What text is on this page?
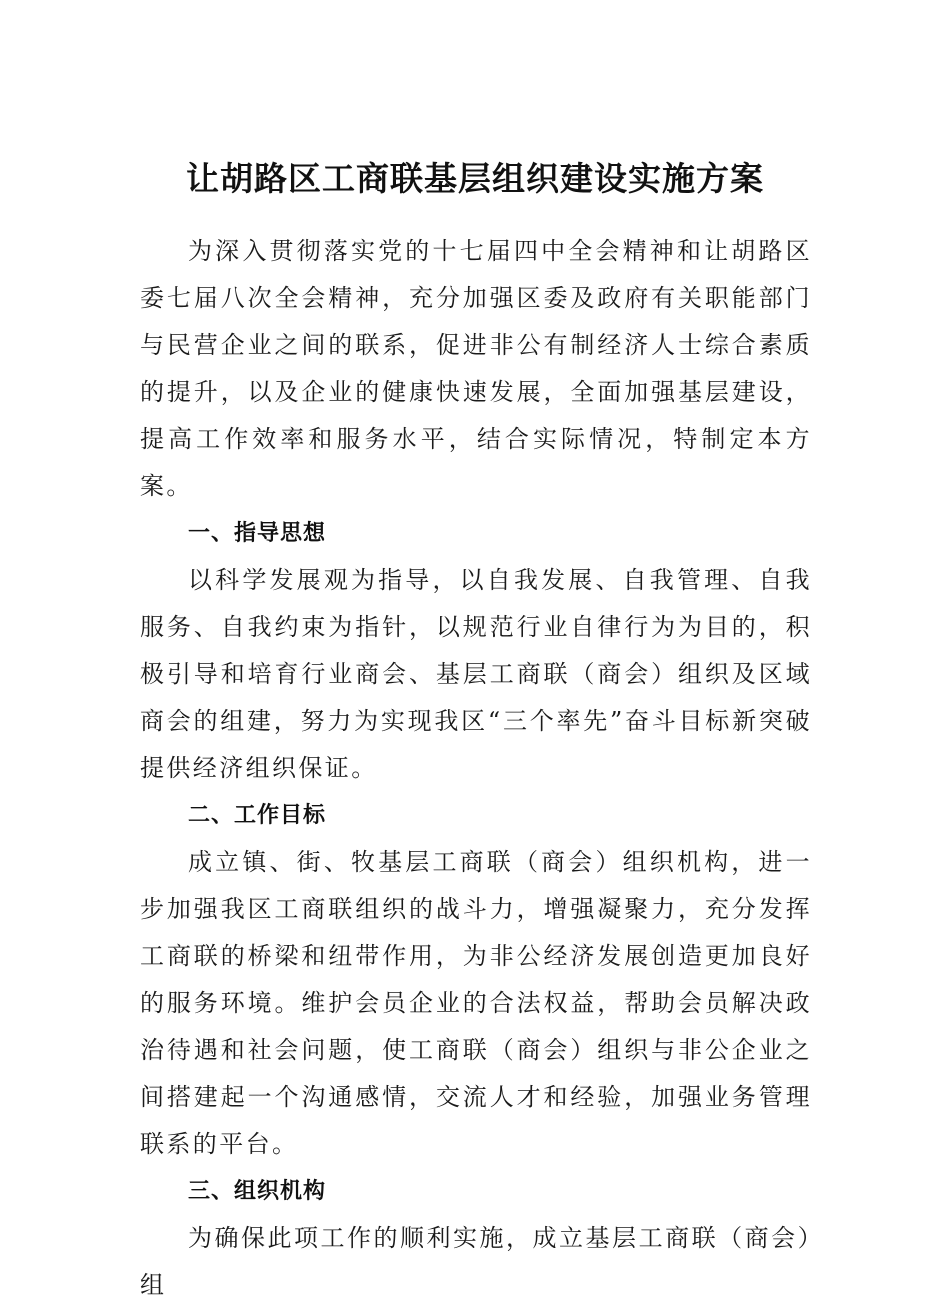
让胡路区工商联基层组织建设实施方案

为深入贯彻落实党的十七届四中全会精神和让胡路区委七届八次全会精神，充分加强区委及政府有关职能部门与民营企业之间的联系，促进非公有制经济人士综合素质的提升，以及企业的健康快速发展，全面加强基层建设，提高工作效率和服务水平，结合实际情况，特制定本方案。

一、指导思想

以科学发展观为指导，以自我发展、自我管理、自我服务、自我约束为指针，以规范行业自律行为为目的，积极引导和培育行业商会、基层工商联（商会）组织及区域商会的组建，努力为实现我区“三个率先”奋斗目标新突破提供经济组织保证。

二、工作目标

成立镇、街、牧基层工商联（商会）组织机构，进一步加强我区工商联组织的战斗力，增强凝聚力，充分发挥工商联的桥梁和纽带作用，为非公经济发展创造更加良好的服务环境。维护会员企业的合法权益，帮助会员解决政治待遇和社会问题，使工商联（商会）组织与非公企业之间搭建起一个沟通感情，交流人才和经验，加强业务管理联系的平台。

三、组织机构

为确保此项工作的顺利实施，成立基层工商联（商会）组
